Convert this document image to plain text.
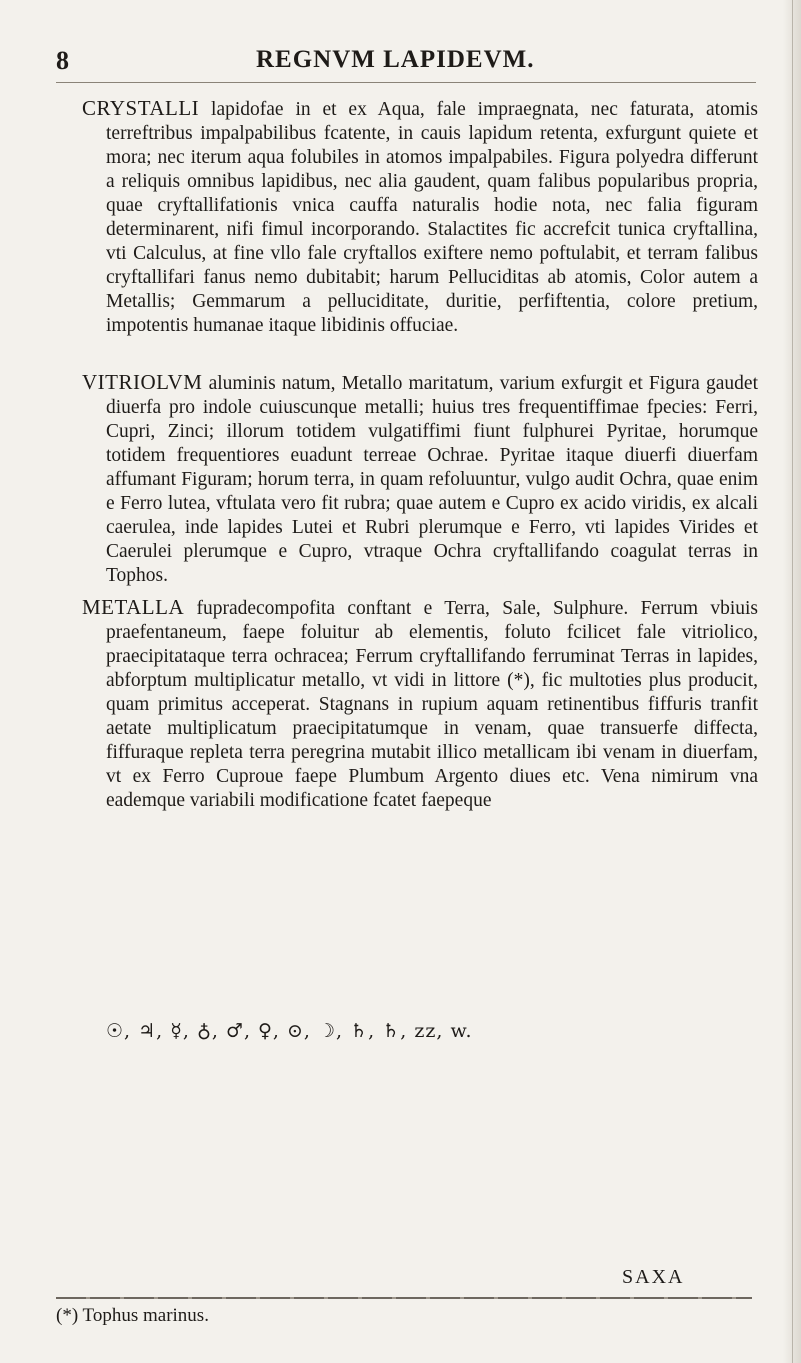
8	REGNVM LAPIDEVM.

CRYSTALLI lapidofae in et ex Aqua, fale impraegnata, nec faturata, atomis terreftribus impalpabilibus fcatente, in cauis lapidum retenta, exfurgunt quiete et mora; nec iterum aqua folubiles in atomos impalpabiles. Figura polyedra differunt a reliquis omnibus lapidibus, nec alia gaudent, quam falibus popularibus propria, quae cryftallifationis vnica cauffa naturalis hodie nota, nec falia figuram determinarent, nifi fimul incorporando. Stalactites fic accrefcit tunica cryftallina, vti Calculus, at fine vllo fale cryftallos exiftere nemo poftulabit, et terram falibus cryftallifari fanus nemo dubitabit; harum Pelluciditas ab atomis, Color autem a Metallis; Gemmarum a pelluciditate, duritie, perfiftentia, colore pretium, impotentis humanae itaque libidinis offuciae.

VITRIOLVM aluminis natum, Metallo maritatum, varium exfurgit et Figura gaudet diuerfa pro indole cuiuscunque metalli; huius tres frequentiffimae fpecies: Ferri, Cupri, Zinci; illorum totidem vulgatiffimi fiunt fulphurei Pyritae, horumque totidem frequentiores euadunt terreae Ochrae. Pyritae itaque diuerfi diuerfam affumant Figuram; horum terra, in quam refoluuntur, vulgo audit Ochra, quae enim e Ferro lutea, vftulata vero fit rubra; quae autem e Cupro ex acido viridis, ex alcali caerulea, inde lapides Lutei et Rubri plerumque e Ferro, vti lapides Virides et Caerulei plerumque e Cupro, vtraque Ochra cryftallifando coagulat terras in Tophos.

METALLA fupradecompofita conftant e Terra, Sale, Sulphure. Ferrum vbiuis praefentaneum, faepe foluitur ab elementis, foluto fcilicet fale vitriolico, praecipitataque terra ochracea; Ferrum cryftallifando ferruminat Terras in lapides, abforptum multiplicatur metallo, vt vidi in littore (*), fic multoties plus producit, quam primitus acceperat. Stagnans in rupium aquam retinentibus fiffuris tranfit aetate multiplicatum praecipitatumque in venam, quae transuerfe diffecta, fiffuraque repleta terra peregrina mutabit illico metallicam ibi venam in diuerfam, vt ex Ferro Cuproue faepe Plumbum Argento diues etc. Vena nimirum vna eademque variabili modificatione fcatet faepeque

☉, ♃, ☿, ♁, ♂, ♀, ⊙, ☽, ♄, ♄, zz, w.
SAXA
(*) Tophus marinus.
